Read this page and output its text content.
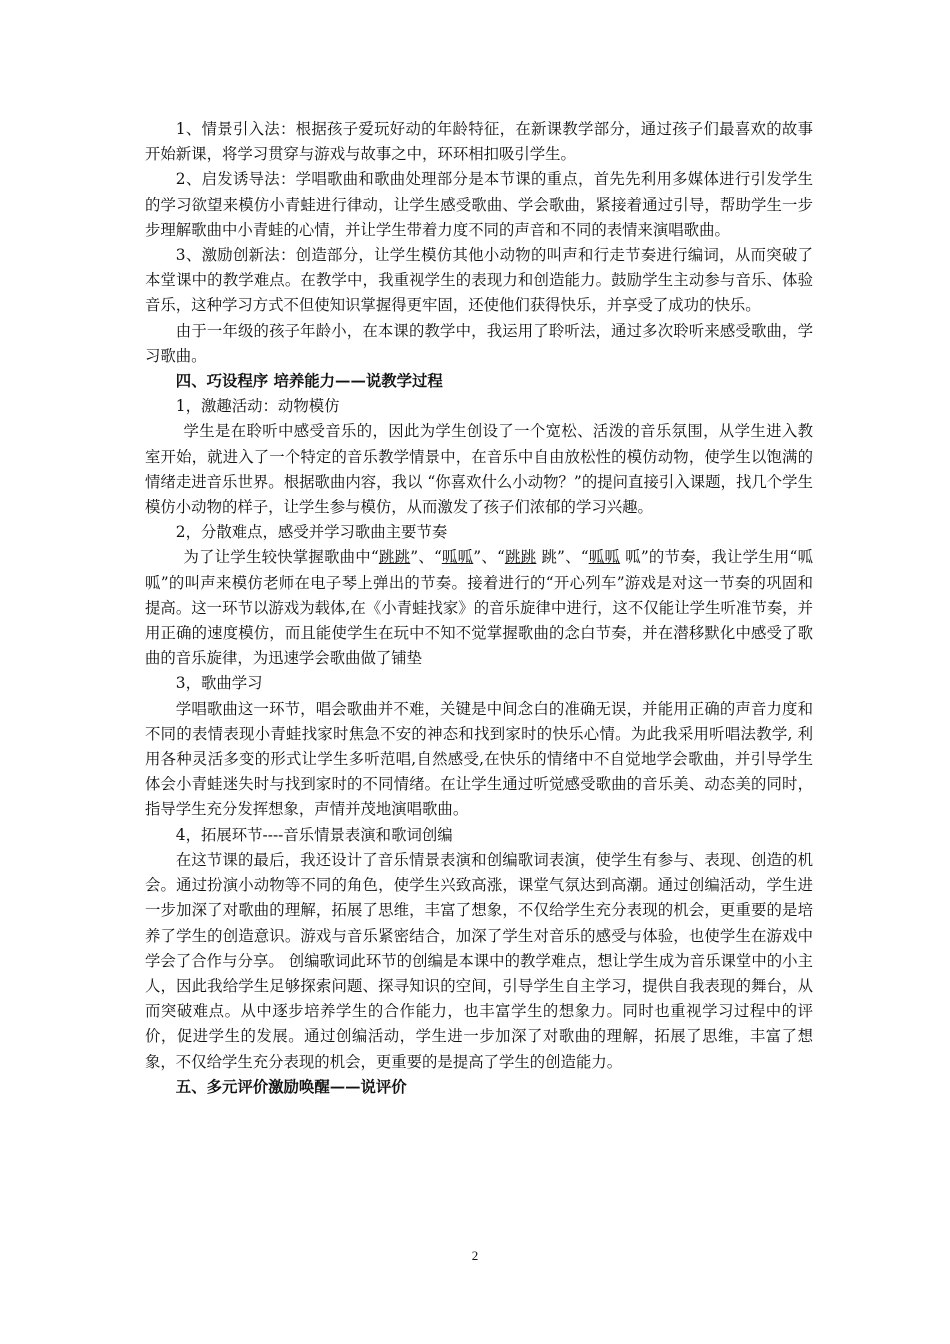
1、情景引入法：根据孩子爱玩好动的年龄特征，在新课教学部分，通过孩子们最喜欢的故事开始新课，将学习贯穿与游戏与故事之中，环环相扣吸引学生。

2、启发诱导法：学唱歌曲和歌曲处理部分是本节课的重点，首先先利用多媒体进行引发学生的学习欲望来模仿小青蛙进行律动，让学生感受歌曲、学会歌曲，紧接着通过引导，帮助学生一步步理解歌曲中小青蛙的心情，并让学生带着力度不同的声音和不同的表情来演唱歌曲。

3、激励创新法：创造部分，让学生模仿其他小动物的叫声和行走节奏进行编词，从而突破了本堂课中的教学难点。在教学中，我重视学生的表现力和创造能力。鼓励学生主动参与音乐、体验音乐，这种学习方式不但使知识掌握得更牢固，还使他们获得快乐，并享受了成功的快乐。

由于一年级的孩子年龄小，在本课的教学中，我运用了聆听法，通过多次聆听来感受歌曲，学习歌曲。

四、巧设程序 培养能力——说教学过程

1，激趣活动：动物模仿

学生是在聆听中感受音乐的，因此为学生创设了一个宽松、活泼的音乐氛围，从学生进入教室开始，就进入了一个特定的音乐教学情景中，在音乐中自由放松性的模仿动物，使学生以饱满的情绪走进音乐世界。根据歌曲内容，我以 “你喜欢什么小动物？”的提问直接引入课题，找几个学生模仿小动物的样子，让学生参与模仿，从而激发了孩子们浓郁的学习兴趣。

2，分散难点，感受并学习歌曲主要节奏

为了让学生较快掌握歌曲中“跳跳”、“呱呱”、“跳跳 跳”、“呱呱 呱”的节奏，我让学生用“呱呱”的叫声来模仿老师在电子琴上弹出的节奏。接着进行的“开心列车”游戏是对这一节奏的巩固和提高。这一环节以游戏为载体,在《小青蛙找家》的音乐旋律中进行，这不仅能让学生听准节奏，并用正确的速度模仿，而且能使学生在玩中不知不觉掌握歌曲的念白节奏，并在潜移默化中感受了歌曲的音乐旋律，为迅速学会歌曲做了铺垫

3，歌曲学习

学唱歌曲这一环节，唱会歌曲并不难，关键是中间念白的准确无误，并能用正确的声音力度和不同的表情表现小青蛙找家时焦急不安的神态和找到家时的快乐心情。为此我采用听唱法教学, 利用各种灵活多变的形式让学生多听范唱,自然感受,在快乐的情绪中不自觉地学会歌曲，并引导学生体会小青蛙迷失时与找到家时的不同情绪。在让学生通过听觉感受歌曲的音乐美、动态美的同时，指导学生充分发挥想象，声情并茂地演唱歌曲。

4，拓展环节----音乐情景表演和歌词创编

在这节课的最后，我还设计了音乐情景表演和创编歌词表演，使学生有参与、表现、创造的机会。通过扮演小动物等不同的角色，使学生兴致高涨，课堂气氛达到高潮。通过创编活动，学生进一步加深了对歌曲的理解，拓展了思维，丰富了想象，不仅给学生充分表现的机会，更重要的是培养了学生的创造意识。游戏与音乐紧密结合，加深了学生对音乐的感受与体验，也使学生在游戏中学会了合作与分享。 创编歌词此环节的创编是本课中的教学难点，想让学生成为音乐课堂中的小主人，因此我给学生足够探索问题、探寻知识的空间，引导学生自主学习，提供自我表现的舞台，从而突破难点。从中逐步培养学生的合作能力，也丰富学生的想象力。同时也重视学习过程中的评价，促进学生的发展。通过创编活动，学生进一步加深了对歌曲的理解，拓展了思维，丰富了想象，不仅给学生充分表现的机会，更重要的是提高了学生的创造能力。

五、多元评价激励唤醒——说评价

2
